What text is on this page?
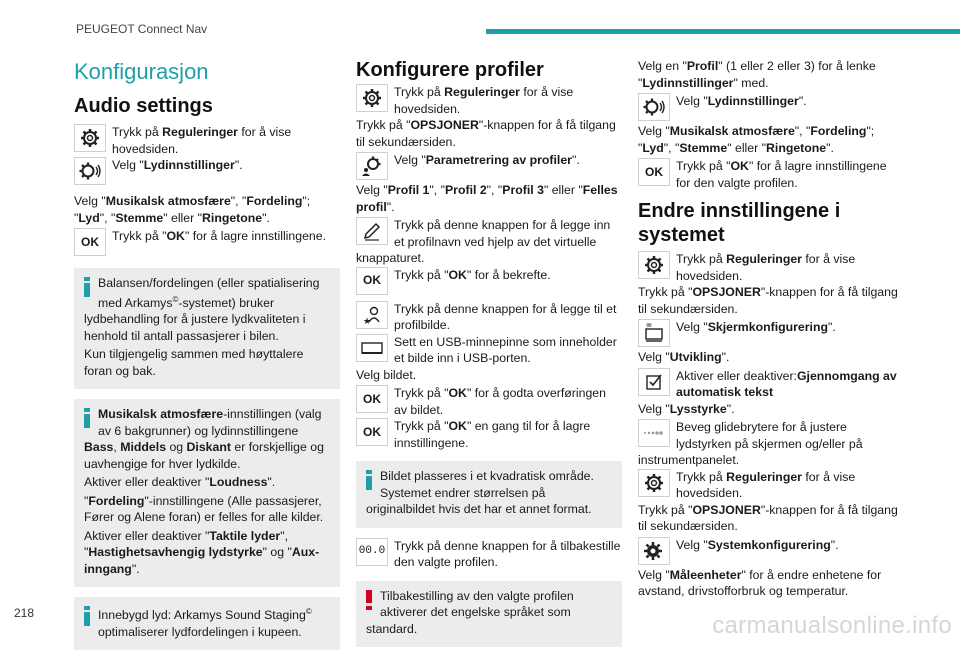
PEUGEOT Connect Nav
Konfigurasjon
Audio settings
Trykk på Reguleringer for å vise hovedsiden.
Velg "Lydinnstillinger".

Velg "Musikalsk atmosfære", "Fordeling"; "Lyd", "Stemme" eller "Ringetone".

OK	Trykk på "OK" for å lagre innstillingene.

Balansen/fordelingen (eller spatialisering med Arkamys©-systemet) bruker lydbehandling for å justere lydkvaliteten i henhold til antall passasjerer i bilen.

Kun tilgjengelig sammen med høyttalere foran og bak.

Musikalsk atmosfære-innstillingen (valg av 6 bakgrunner) og lydinnstillingene Bass, Middels og Diskant er forskjellige og uavhengige for hver lydkilde.

Aktiver eller deaktiver "Loudness".

"Fordeling"-innstillingene (Alle passasjerer, Fører og Alene foran) er felles for alle kilder.

Aktiver eller deaktiver "Taktile lyder", "Hastighetsavhengig lydstyrke" og "Aux-inngang".

Innebygd lyd: Arkamys Sound Staging© optimaliserer lydfordelingen i kupeen.

Konfigurere profiler
Trykk på Reguleringer for å vise hovedsiden.

Trykk på "OPSJONER"-knappen for å få tilgang til sekundærsiden.

Velg "Parametrering av profiler".

Velg "Profil 1", "Profil 2", "Profil 3" eller "Felles profil".

Trykk på denne knappen for å legge inn et profilnavn ved hjelp av det virtuelle knappaturet.
OK	Trykk på "OK" for å bekrefte.
★
Trykk på denne knappen for å legge til et profilbilde.
Sett en USB-minnepinne som inneholder et bilde inn i USB-porten.

Velg bildet.

OK	Trykk på "OK" for å godta overføringen av bildet.
OK	Trykk på "OK" en gang til for å lagre innstillingene.

Bildet plasseres i et kvadratisk område. Systemet endrer størrelsen på originalbildet hvis det har et annet format.

00.0 Trykk på denne knappen for å tilbakestille den valgte profilen.

Tilbakestilling av den valgte profilen aktiverer det engelske språket som standard.

Velg en "Profil" (1 eller 2 eller 3) for å lenke "Lydinnstillinger" med.

Velg "Lydinnstillinger".

Velg "Musikalsk atmosfære", "Fordeling"; "Lyd", "Stemme" eller "Ringetone".

OK	Trykk på "OK" for å lagre innstillingene for den valgte profilen.
Endre innstillingene i systemet
Trykk på Reguleringer for å vise hovedsiden.

Trykk på "OPSJONER"-knappen for å få tilgang til sekundærsiden.

Velg "Skjermkonfigurering".

Velg "Utvikling".

Aktiver eller deaktiver:Gjennomgang av automatisk tekst

Velg "Lysstyrke".

Beveg glidebrytere for å justere lydstyrken på skjermen og/eller på instrumentpanelet.
Trykk på Reguleringer for å vise hovedsiden.

Trykk på "OPSJONER"-knappen for å få tilgang til sekundærsiden.

Velg "Systemkonfigurering".

Velg "Måleenheter" for å endre enhetene for avstand, drivstofforbruk og temperatur.

218	carmanualsonline.info
